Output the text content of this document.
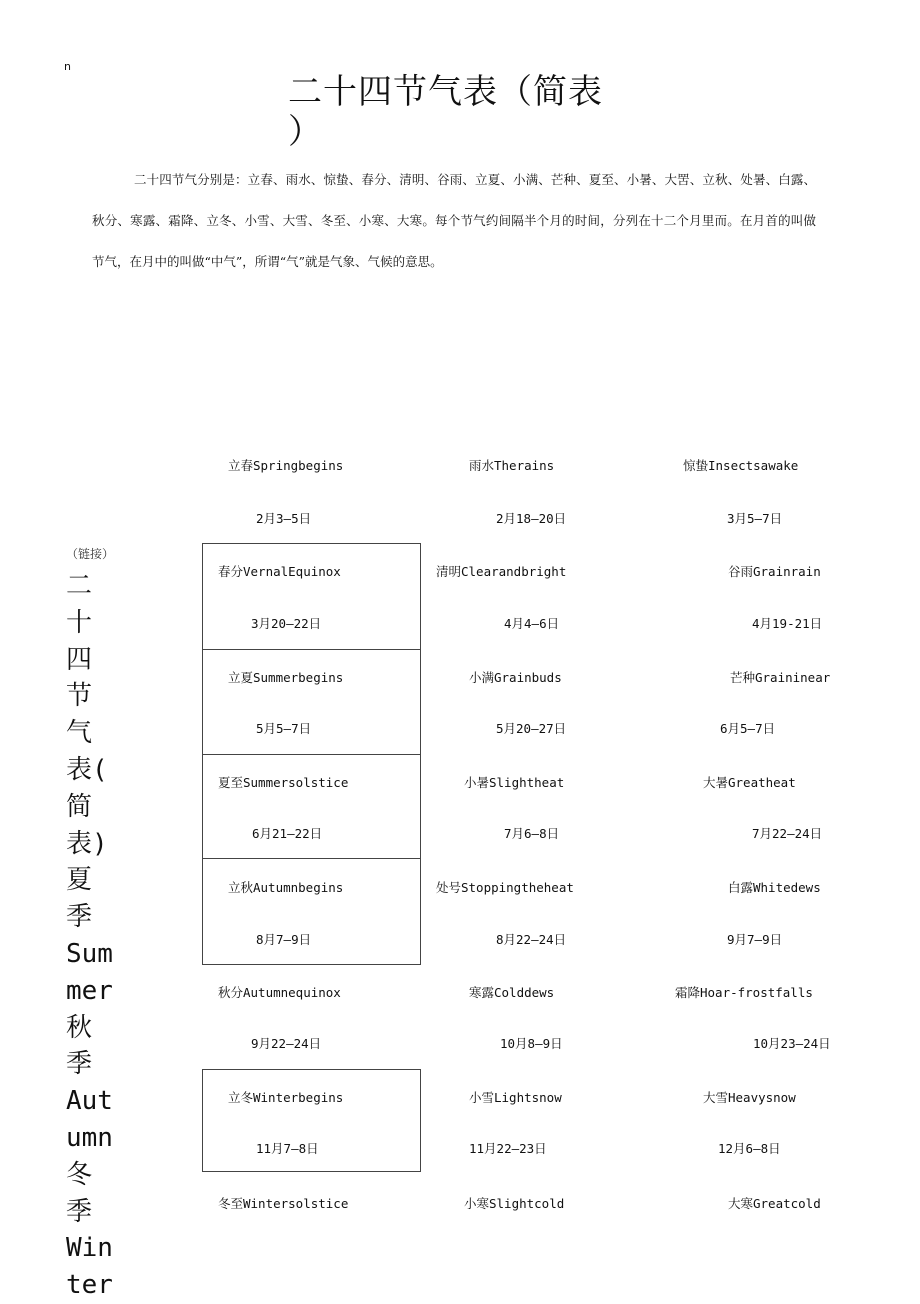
n
二十四节气表（简表
）

二十四节气分别是：立春、雨水、惊蛰、春分、清明、谷雨、立夏、小满、芒种、夏至、小暑、大罟、立秋、处暑、白露、秋分、寒露、霜降、立冬、小雪、大雪、冬至、小寒、大寒。每个节气约间隔半个月的时间，分列在十二个月里而。在月首的叫做节气，在月中的叫做“中气”，所谓“气”就是气象、气候的意思。

（链接）
二
十
四
节
气
表(
简
表)
夏
季
Sum
mer
秋
季
Aut
umn
冬
季
Win
ter
立春Springbegins
2月3—5日
雨水Therains
2月18—20日
惊蛰Insectsawake
3月5—7日
春分VernalEquinox
3月20—22日
清明Clearandbright
4月4—6日
谷雨Grainrain
4月19-21日
立夏Summerbegins
5月5—7日
小满Grainbuds
5月20—27日
芒种Graininear
6月5—7日
夏至Summersolstice
6月21—22日
小暑Slightheat
7月6—8日
大暑Greatheat
7月22—24日
立秋Autumnbegins
8月7—9日
处号Stoppingtheheat
8月22—24日
白露Whitedews
9月7—9日
秋分Autumnequinox
9月22—24日
寒露Colddews
10月8—9日
霜降Hoar-frostfalls
10月23—24日
立冬Winterbegins
11月7—8日
小雪Lightsnow
11月22—23日
大雪Heavysnow
12月6—8日
冬至Wintersolstice	小寒Slightcold	大寒Greatcold
